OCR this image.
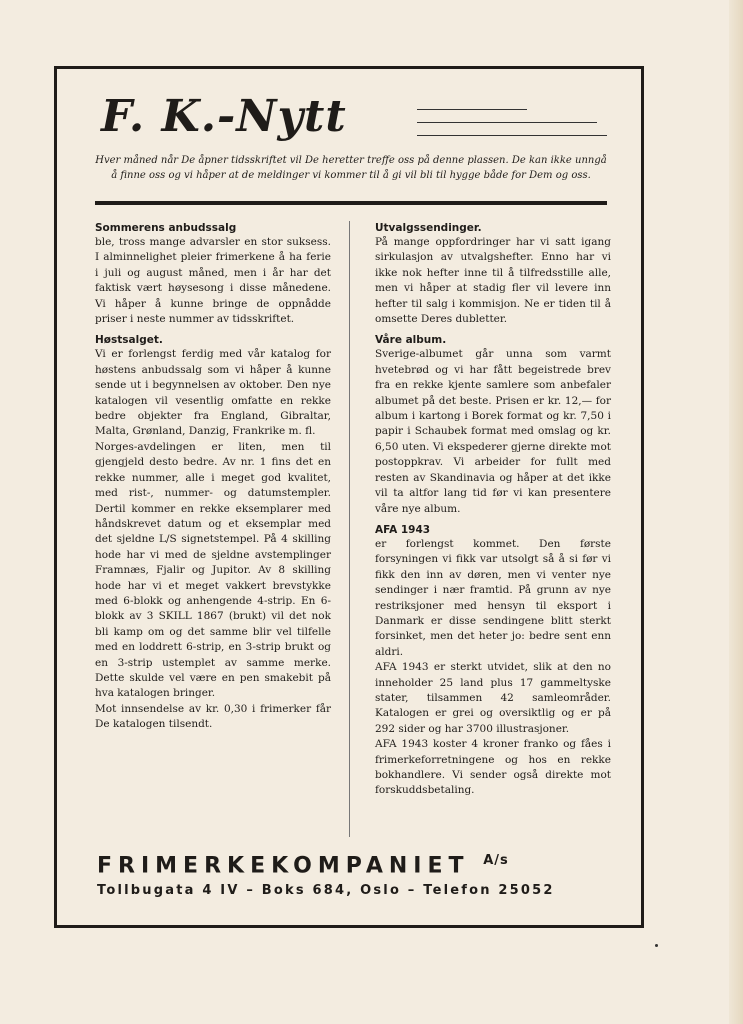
F. K.-Nytt
Hver måned når De åpner tidsskriftet vil De heretter treffe oss på denne plassen. De kan ikke unngå å finne oss og vi håper at de meldinger vi kommer til å gi vil bli til hygge både for Dem og oss.

Sommerens anbudssalg

ble, tross mange advarsler en stor suksess. I alminnelighet pleier frimerkene å ha ferie i juli og august måned, men i år har det faktisk vært høysesong i disse månedene. Vi håper å kunne bringe de oppnådde priser i neste nummer av tidsskriftet.

Høstsalget.

Vi er forlengst ferdig med vår katalog for høstens anbudssalg som vi håper å kunne sende ut i begynnelsen av oktober. Den nye katalogen vil vesentlig omfatte en rekke bedre objekter fra England, Gibraltar, Malta, Grønland, Danzig, Frankrike m. fl.

Norges-avdelingen er liten, men til gjengjeld desto bedre. Av nr. 1 fins det en rekke nummer, alle i meget god kvalitet, med rist-, nummer- og datumstempler. Dertil kommer en rekke eksemplarer med håndskrevet datum og et eksemplar med det sjeldne L/S signetstempel. På 4 skilling hode har vi med de sjeldne avstemplinger Framnæs, Fjalir og Jupitor. Av 8 skilling hode har vi et meget vakkert brevstykke med 6-blokk og anhengende 4-strip. En 6-blokk av 3 SKILL 1867 (brukt) vil det nok bli kamp om og det samme blir vel tilfelle med en loddrett 6-strip, en 3-strip brukt og en 3-strip ustemplet av samme merke. Dette skulde vel være en pen smakebit på hva katalogen bringer.

Mot innsendelse av kr. 0,30 i frimerker får De katalogen tilsendt.

Utvalgssendinger.

På mange oppfordringer har vi satt igang sirkulasjon av utvalgshefter. Enno har vi ikke nok hefter inne til å tilfredsstille alle, men vi håper at stadig fler vil levere inn hefter til salg i kommisjon. Ne er tiden til å omsette Deres dubletter.

Våre album.

Sverige-albumet går unna som varmt hvetebrød og vi har fått begeistrede brev fra en rekke kjente samlere som anbefaler albumet på det beste. Prisen er kr. 12,— for album i kartong i Borek format og kr. 7,50 i papir i Schaubek format med omslag og kr. 6,50 uten. Vi ekspederer gjerne direkte mot postoppkrav. Vi arbeider for fullt med resten av Skandinavia og håper at det ikke vil ta altfor lang tid før vi kan presentere våre nye album.

AFA 1943

er forlengst kommet. Den første forsyningen vi fikk var utsolgt så å si før vi fikk den inn av døren, men vi venter nye sendinger i nær framtid. På grunn av nye restriksjoner med hensyn til eksport i Danmark er disse sendingene blitt sterkt forsinket, men det heter jo: bedre sent enn aldri.

AFA 1943 er sterkt utvidet, slik at den no inneholder 25 land plus 17 gammeltyske stater, tilsammen 42 samleområder. Katalogen er grei og oversiktlig og er på 292 sider og har 3700 illustrasjoner.

AFA 1943 koster 4 kroner franko og fåes i frimerkeforretningene og hos en rekke bokhandlere. Vi sender også direkte mot forskuddsbetaling.

FRIMERKEKOMPANIET $^{A/s}$
Tollbugata 4 IV – Boks 684, Oslo – Telefon 25052
